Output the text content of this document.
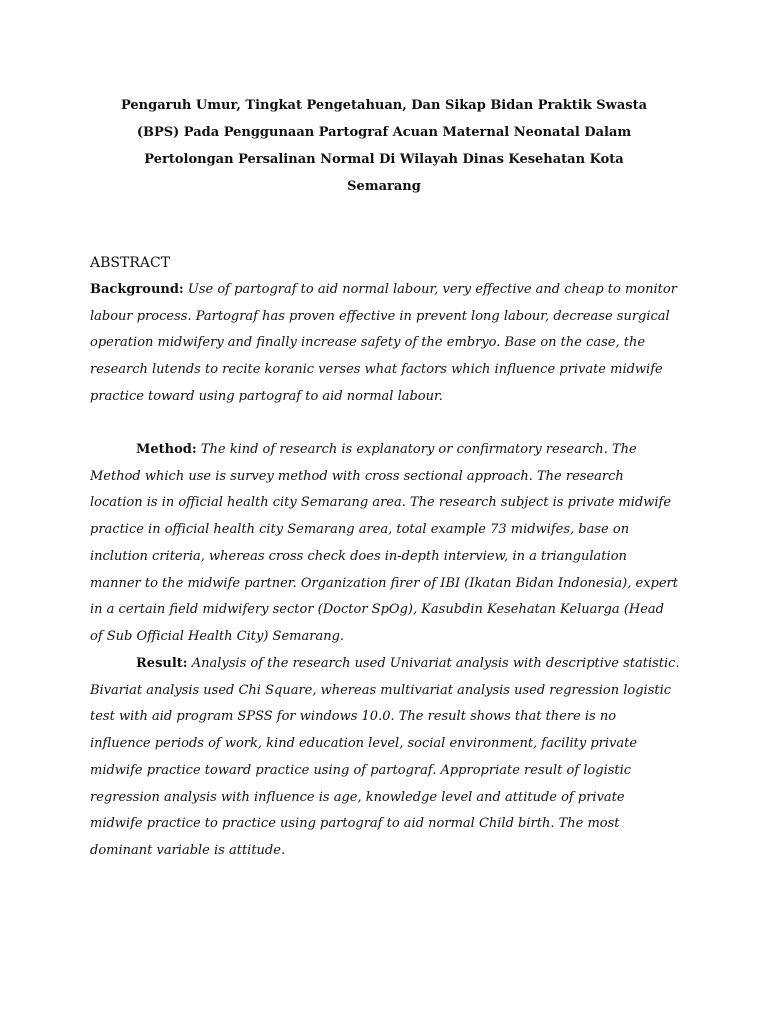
Pengaruh Umur, Tingkat Pengetahuan, Dan Sikap Bidan Praktik Swasta
(BPS) Pada Penggunaan Partograf Acuan Maternal Neonatal Dalam
Pertolongan Persalinan Normal Di Wilayah Dinas Kesehatan Kota
Semarang
ABSTRACT
Background: Use of partograf to aid normal labour, very effective and cheap to monitor labour process. Partograf has proven effective in prevent long labour, decrease surgical operation midwifery and finally increase safety of the embryo. Base on the case, the research lutends to recite koranic verses what factors which influence private midwife practice toward using partograf to aid normal labour.
Method: The kind of research is explanatory or confirmatory research. The Method which use is survey method with cross sectional approach. The research location is in official health city Semarang area. The research subject is private midwife practice in official health city Semarang area, total example 73 midwifes, base on inclution criteria, whereas cross check does in-depth interview, in a triangulation manner to the midwife partner. Organization firer of IBI (Ikatan Bidan Indonesia), expert in a certain field midwifery sector (Doctor SpOg), Kasubdin Kesehatan Keluarga (Head of Sub Official Health City) Semarang.
Result: Analysis of the research used Univariat analysis with descriptive statistic. Bivariat analysis used Chi Square, whereas multivariat analysis used regression logistic test with aid program SPSS for windows 10.0. The result shows that there is no influence periods of work, kind education level, social environment, facility private midwife practice toward practice using of partograf. Appropriate result of logistic regression analysis with influence is age, knowledge level and attitude of private midwife practice to practice using partograf to aid normal Child birth. The most dominant variable is attitude.
